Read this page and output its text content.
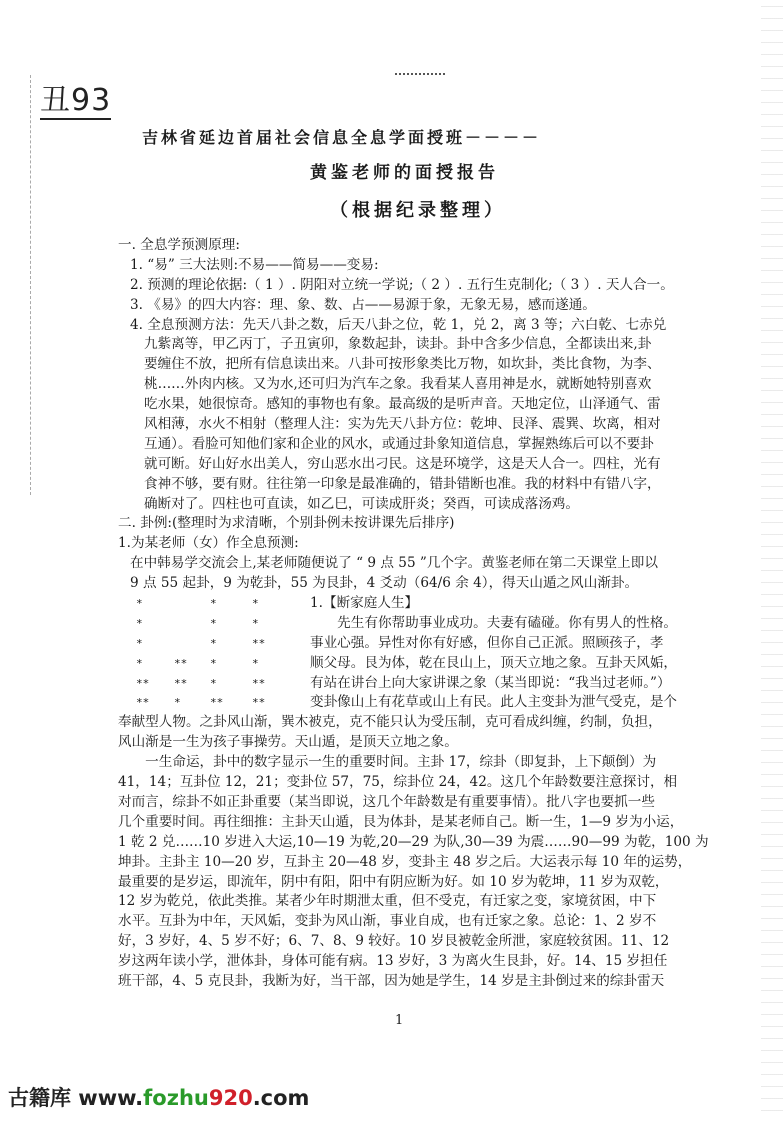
丑93
吉林省延边首届社会信息全息学面授班－－－－
黄鉴老师的面授报告
（根据纪录整理）
一. 全息学预测原理:
1. “易” 三大法则:不易——简易——变易:
2. 预测的理论依据:（ 1 ）. 阴阳对立统一学说;（ 2 ）. 五行生克制化;（ 3 ）. 天人合一。
3. 《易》的四大内容：理、象、数、占——易源于象，无象无易，感而遂通。
4. 全息预测方法：先天八卦之数，后天八卦之位，乾 1，兑 2，离 3 等；六白乾、七赤兑
九紫离等，甲乙丙丁，子丑寅卯，象数起卦，读卦。卦中含多少信息，全都读出来,卦
要缠住不放，把所有信息读出来。八卦可按形象类比万物，如坎卦，类比食物，为李、
桃……外肉内核。又为水,还可归为汽车之象。我看某人喜用神是水，就断她特别喜欢
吃水果，她很惊奇。感知的事物也有象。最高级的是听声音。天地定位，山泽通气、雷
风相薄，水火不相射（整理人注：实为先天八卦方位：乾坤、艮泽、震巽、坎离，相对
互通）。看脸可知他们家和企业的风水，或通过卦象知道信息，掌握熟练后可以不要卦
就可断。好山好水出美人，穷山恶水出刁民。这是环境学，这是天人合一。四柱，光有
食神不够，要有财。往往第一印象是最准确的，错卦错断也准。我的材料中有错八字，
确断对了。四柱也可直读，如乙巳，可读成肝炎；癸酉，可读成落汤鸡。
二. 卦例:(整理时为求清晰，个别卦例未按讲课先后排序)
1.为某老师（女）作全息预测:
在中韩易学交流会上,某老师随便说了 “ 9 点 55 ”几个字。黄鉴老师在第二天课堂上即以
9 点 55 起卦，9 为乾卦，55 为艮卦，4 爻动（64/6 余 4），得天山遁之风山渐卦。
*	*	*	1.【断家庭人生】
*	*	*	　　先生有你帮助事业成功。夫妻有磕碰。你有男人的性格。
*	*	**	事业心强。异性对你有好感，但你自己正派。照顾孩子，孝
*	**	*	*	顺父母。艮为体，乾在艮山上，顶天立地之象。互卦天风姤，
**	**	*	**	有站在讲台上向大家讲课之象（某当即说：“我当过老师。”）
**	*	**	**	变卦像山上有花草或山上有民。此人主变卦为泄气受克，是个
奉献型人物。之卦风山渐，巽木被克，克不能只认为受压制，克可看成纠缠，约制，负担，
风山渐是一生为孩子事操劳。天山遁，是顶天立地之象。
　　一生命运，卦中的数字显示一生的重要时间。主卦 17，综卦（即复卦，上下颠倒）为
41，14；互卦位 12，21；变卦位 57，75，综卦位 24，42。这几个年龄数要注意探讨，相
对而言，综卦不如正卦重要（某当即说，这几个年龄数是有重要事情）。批八字也要抓一些
几个重要时间。再往细推：主卦天山遁，艮为体卦，是某老师自己。断一生，1—9 岁为小运，
1 乾 2 兑……10 岁进入大运,10—19 为乾,20—29 为队,30—39 为震……90—99 为乾，100 为
坤卦。主卦主 10—20 岁，互卦主 20—48 岁，变卦主 48 岁之后。大运表示每 10 年的运势，
最重要的是岁运，即流年，阴中有阳，阳中有阴应断为好。如 10 岁为乾坤，11 岁为双乾，
12 岁为乾兑，依此类推。某者少年时期泄太重，但不受克，有迁家之变，家境贫困，中下
水平。互卦为中年，天风姤，变卦为风山渐，事业自成，也有迁家之象。总论：1、2 岁不
好，3 岁好，4、5 岁不好；6、7、8、9 较好。10 岁艮被乾金所泄，家庭较贫困。11、12
岁这两年读小学，泄体卦，身体可能有病。13 岁好，3 为离火生艮卦，好。14、15 岁担任
班干部，4、5 克艮卦，我断为好，当干部，因为她是学生，14 岁是主卦倒过来的综卦雷天
1
古籍库 www.fozhu920.com
